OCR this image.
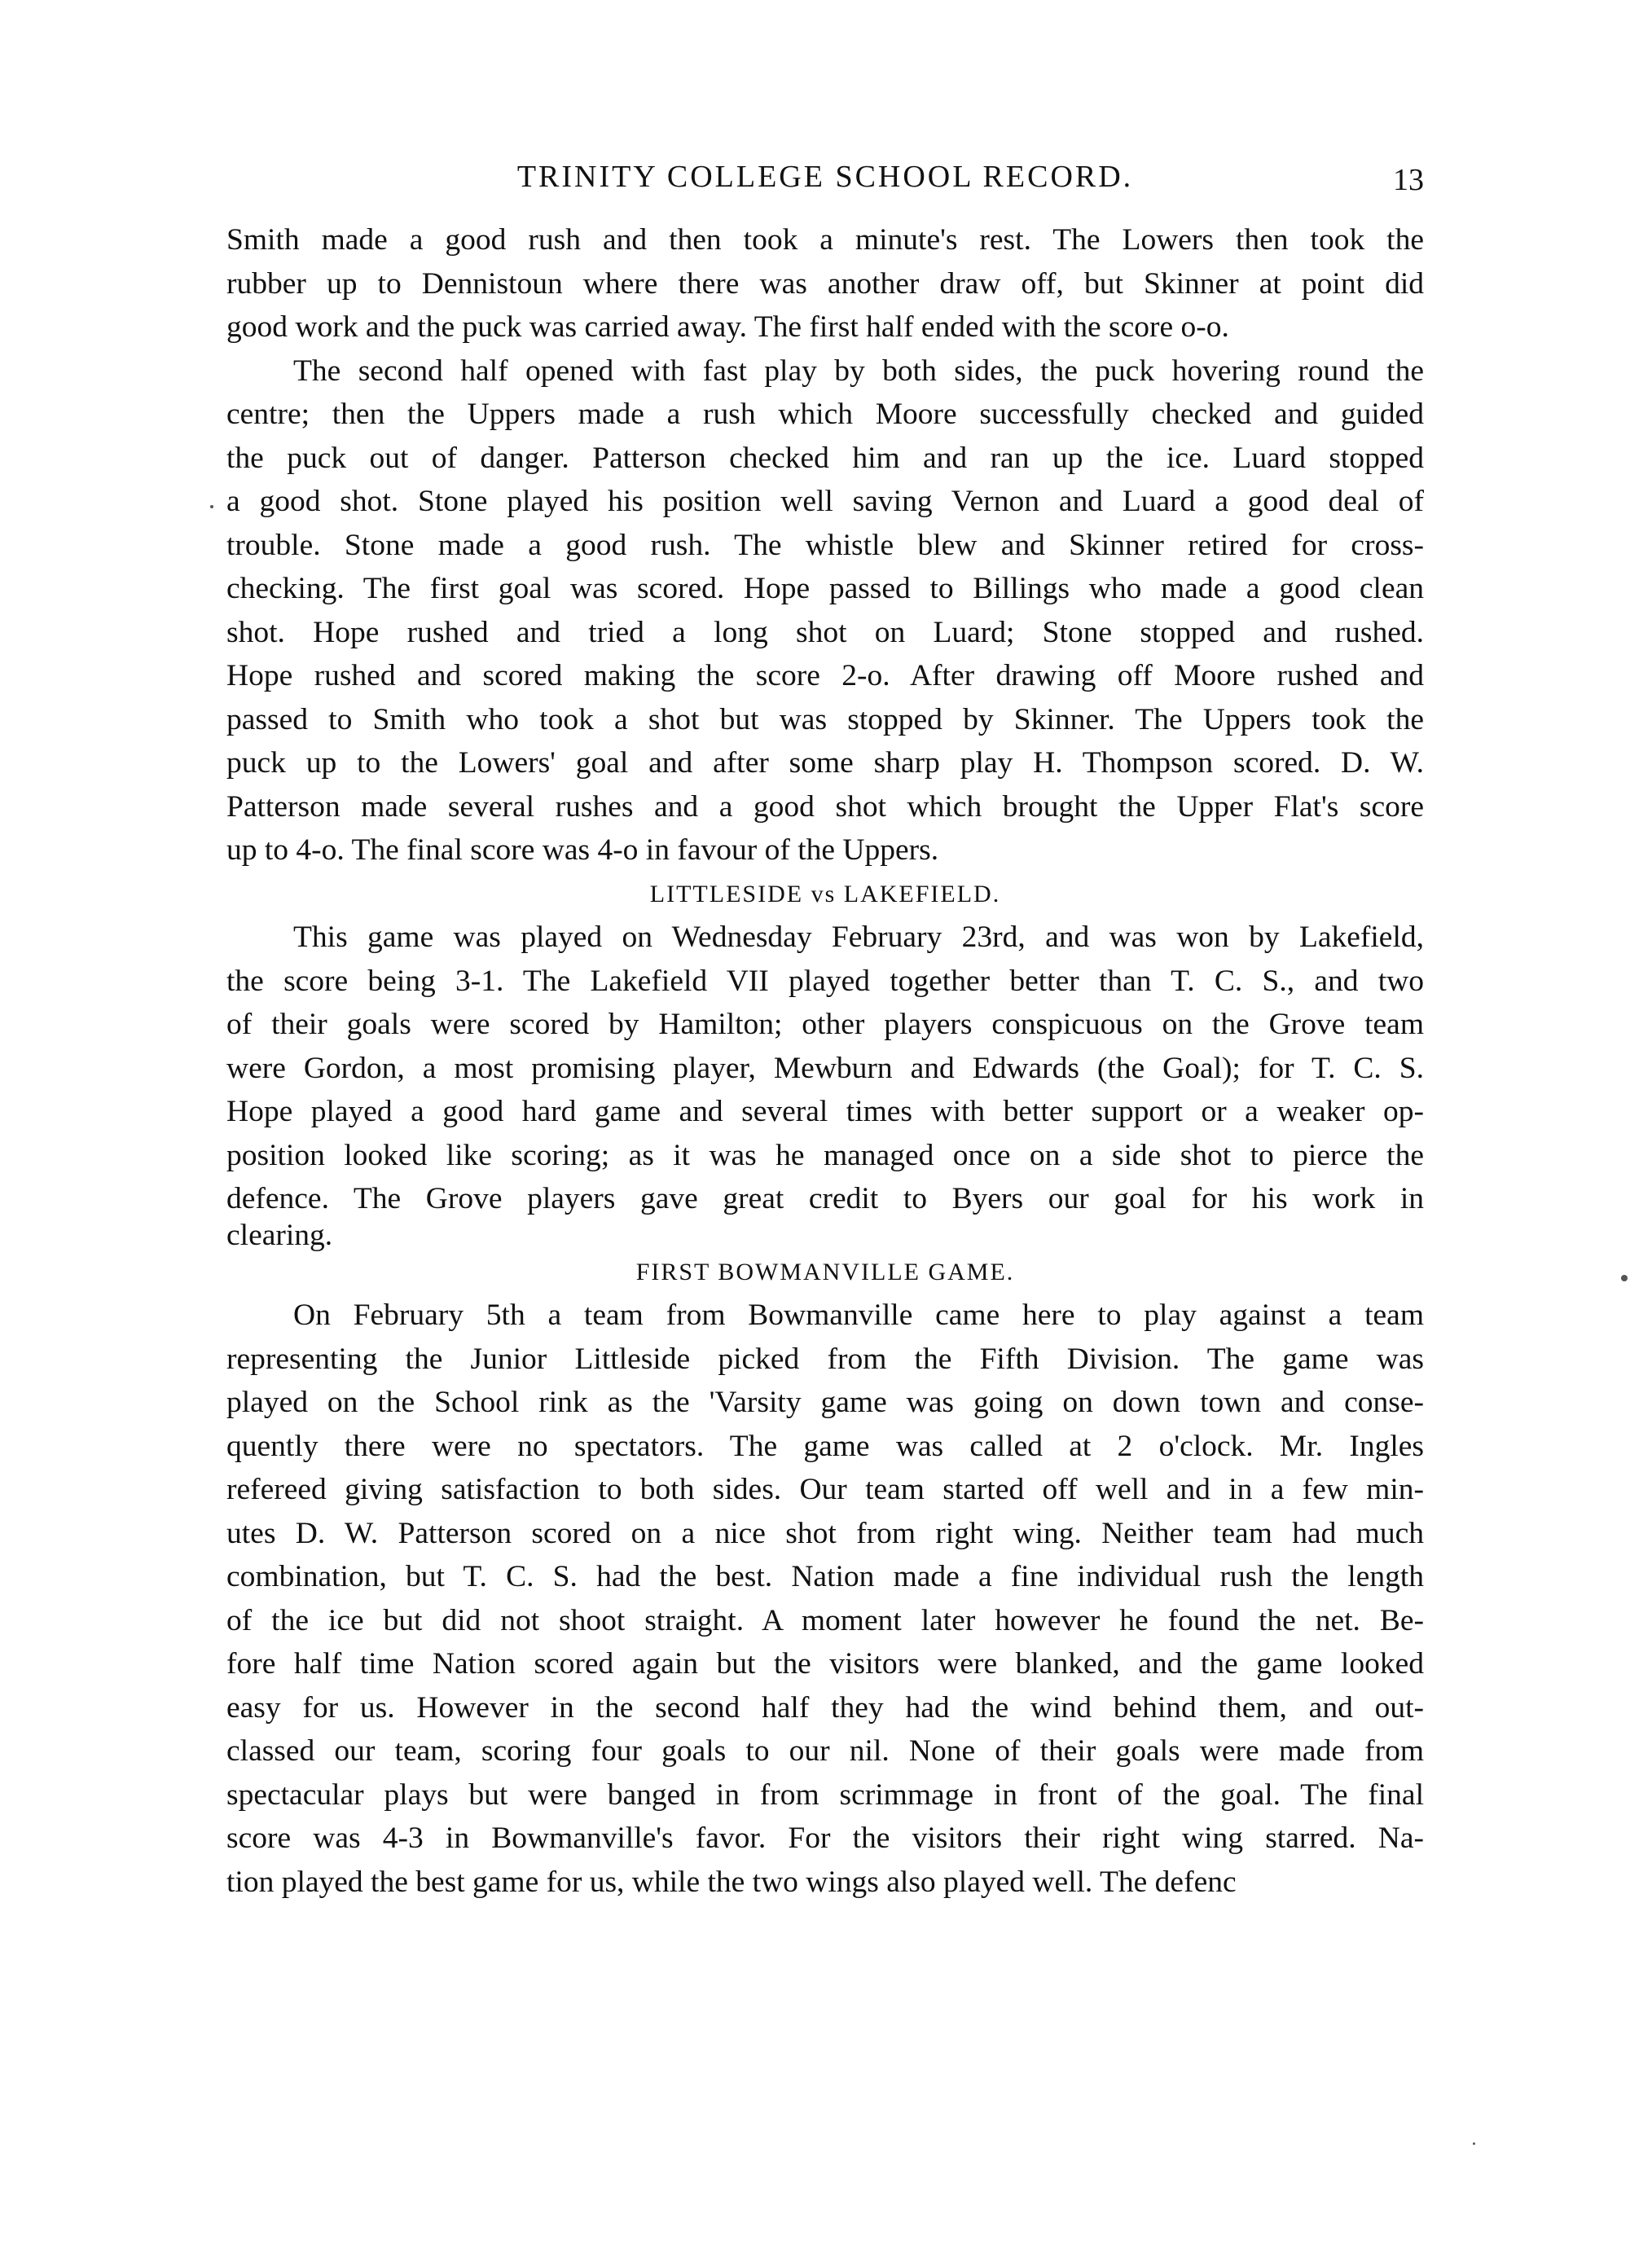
TRINITY COLLEGE SCHOOL RECORD.	13
Smith made a good rush and then took a minute's rest. The Lowers then took the
rubber up to Dennistoun where there was another draw off, but Skinner at point did
good work and the puck was carried away. The first half ended with the score o-o.
The second half opened with fast play by both sides, the puck hovering round the
centre; then the Uppers made a rush which Moore successfully checked and guided
the puck out of danger. Patterson checked him and ran up the ice. Luard stopped
a good shot. Stone played his position well saving Vernon and Luard a good deal of
trouble. Stone made a good rush. The whistle blew and Skinner retired for cross-
checking. The first goal was scored. Hope passed to Billings who made a good clean
shot. Hope rushed and tried a long shot on Luard; Stone stopped and rushed.
Hope rushed and scored making the score 2-o. After drawing off Moore rushed and
passed to Smith who took a shot but was stopped by Skinner. The Uppers took the
puck up to the Lowers' goal and after some sharp play H. Thompson scored. D. W.
Patterson made several rushes and a good shot which brought the Upper Flat's score
up to 4-o. The final score was 4-o in favour of the Uppers.
LITTLESIDE vs LAKEFIELD.
This game was played on Wednesday February 23rd, and was won by Lakefield,
the score being 3-1. The Lakefield VII played together better than T. C. S., and two
of their goals were scored by Hamilton; other players conspicuous on the Grove team
were Gordon, a most promising player, Mewburn and Edwards (the Goal); for T. C. S.
Hope played a good hard game and several times with better support or a weaker op-
position looked like scoring; as it was he managed once on a side shot to pierce the
defence. The Grove players gave great credit to Byers our goal for his work in
clearing.
FIRST BOWMANVILLE GAME.
On February 5th a team from Bowmanville came here to play against a team
representing the Junior Littleside picked from the Fifth Division. The game was
played on the School rink as the 'Varsity game was going on down town and conse-
quently there were no spectators. The game was called at 2 o'clock. Mr. Ingles
refereed giving satisfaction to both sides. Our team started off well and in a few min-
utes D. W. Patterson scored on a nice shot from right wing. Neither team had much
combination, but T. C. S. had the best. Nation made a fine individual rush the length
of the ice but did not shoot straight. A moment later however he found the net. Be-
fore half time Nation scored again but the visitors were blanked, and the game looked
easy for us. However in the second half they had the wind behind them, and out-
classed our team, scoring four goals to our nil. None of their goals were made from
spectacular plays but were banged in from scrimmage in front of the goal. The final
score was 4-3 in Bowmanville's favor. For the visitors their right wing starred. Na-
tion played the best game for us, while the two wings also played well. The defenc
